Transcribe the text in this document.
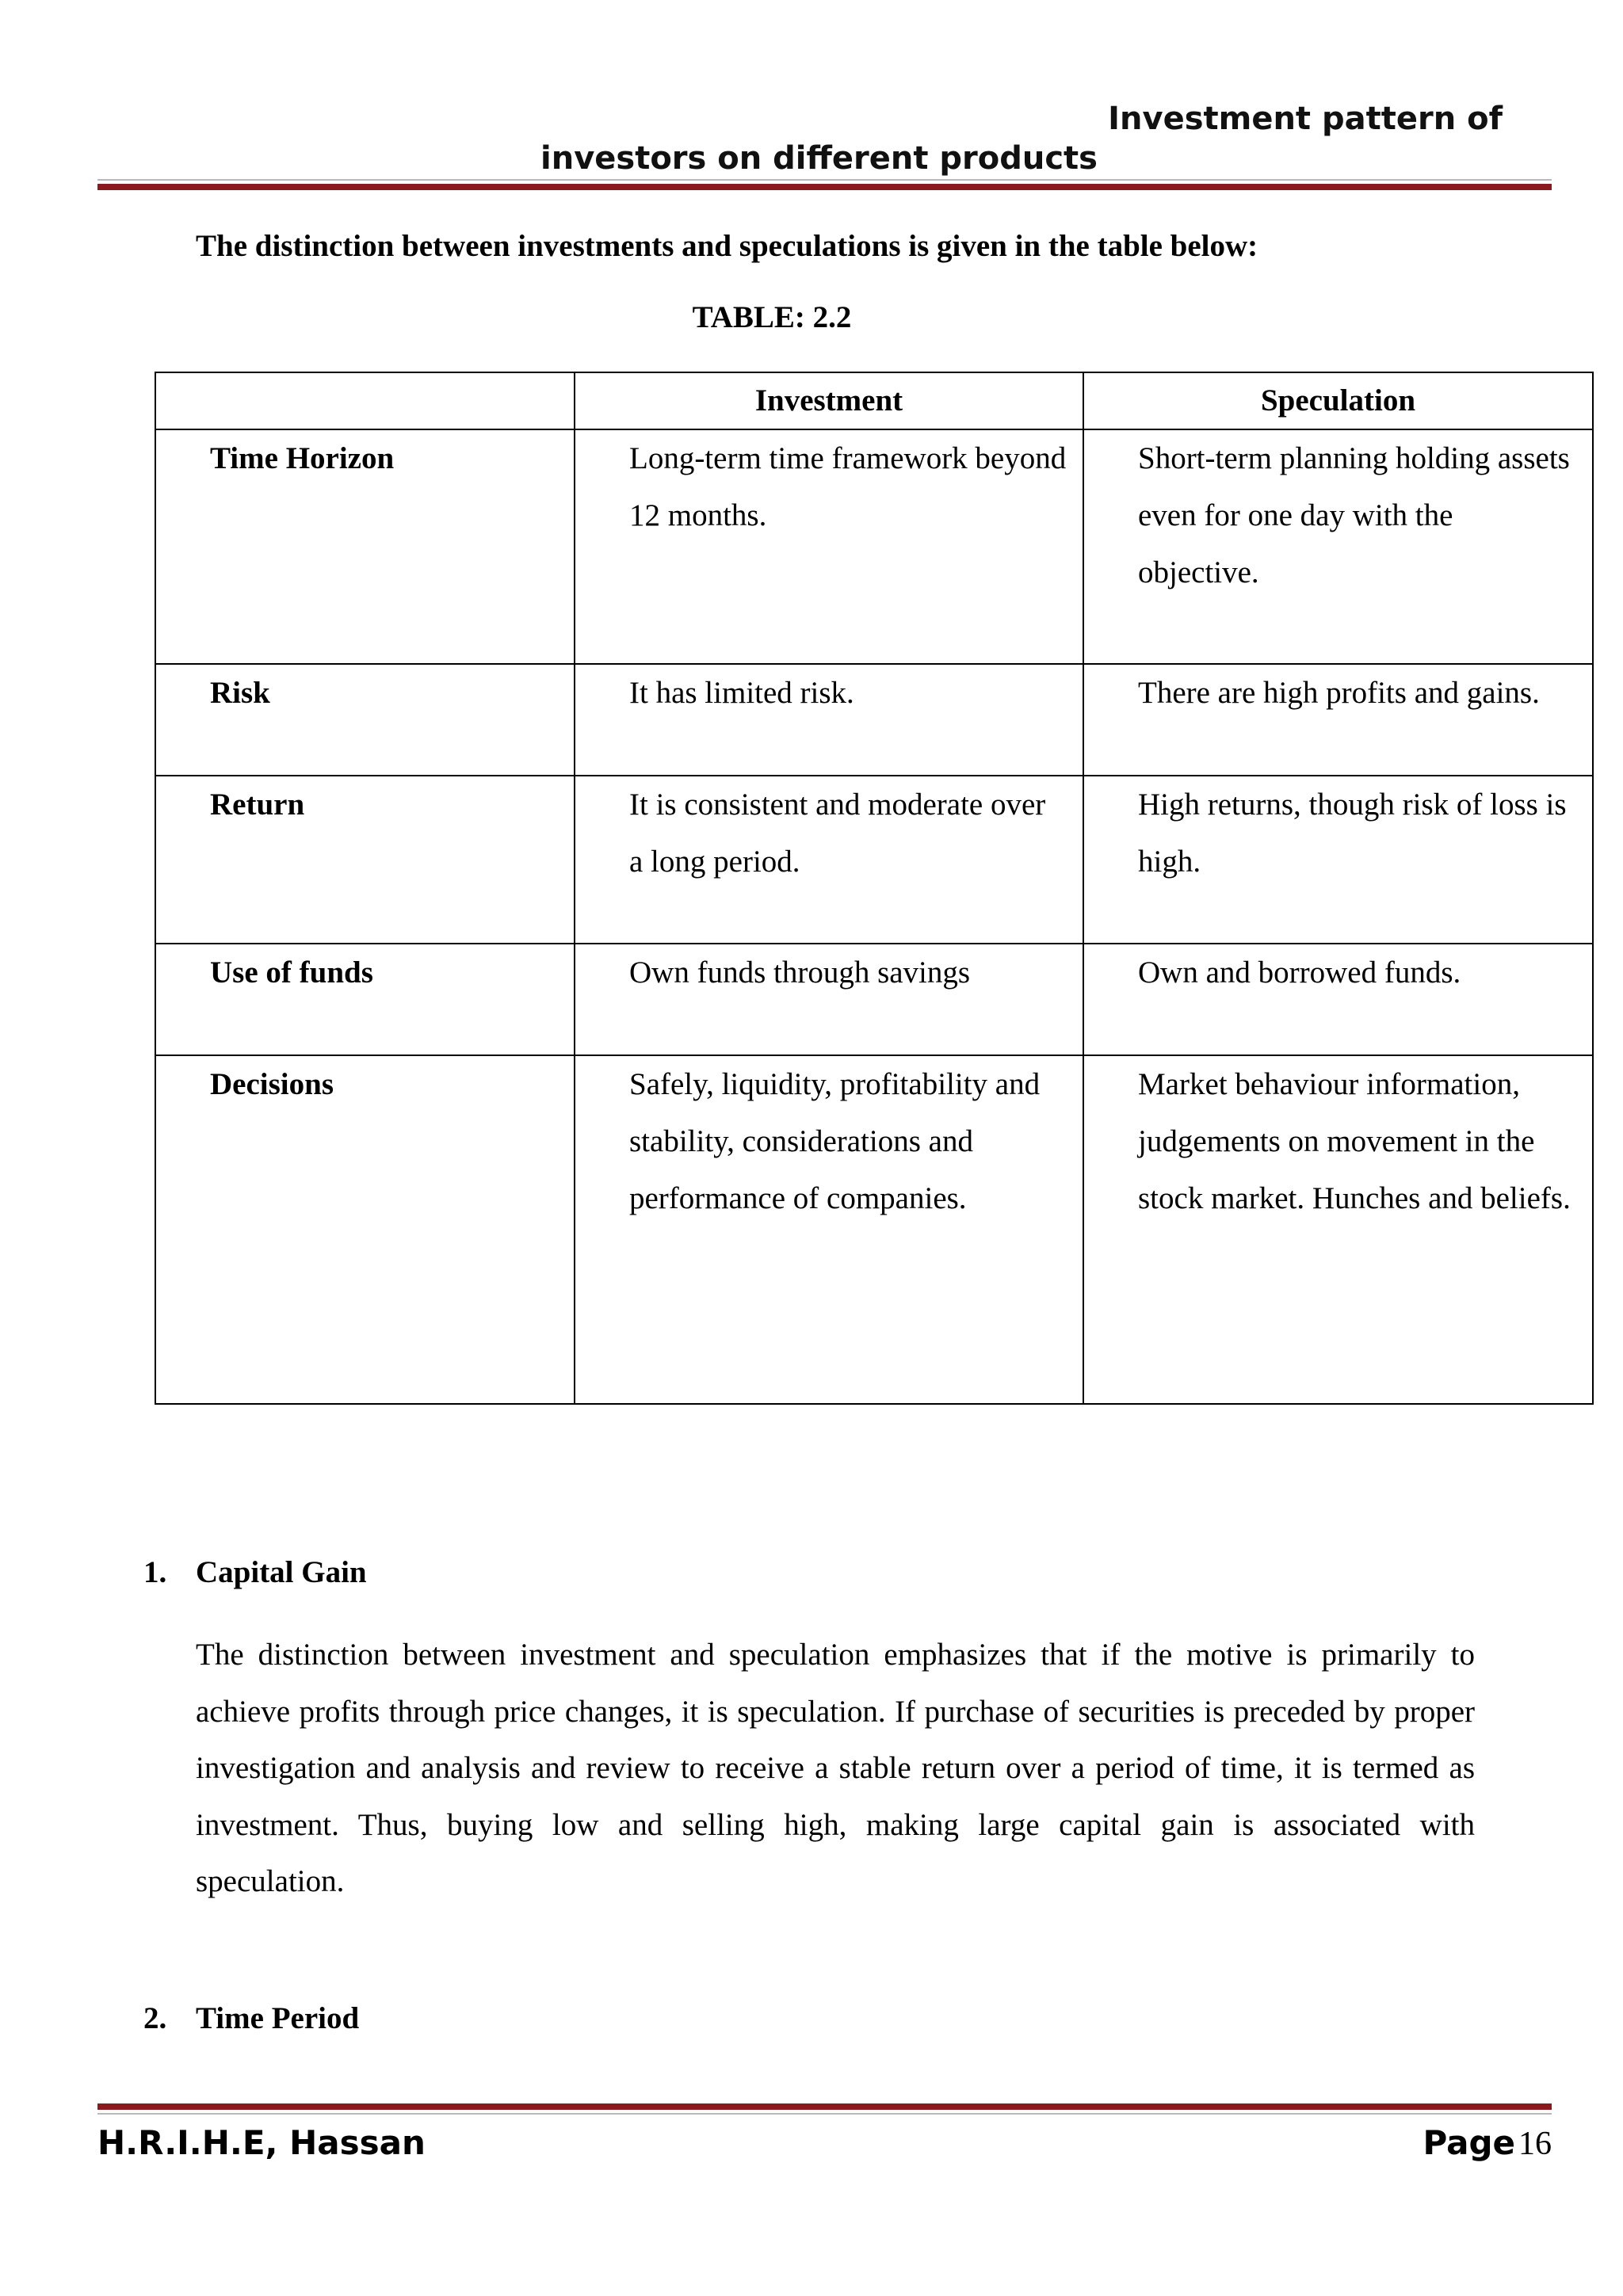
Investment pattern of
investors on different products
The distinction between investments and speculations is given in the table below:
TABLE: 2.2
	Investment	Speculation
Time Horizon	Long-term time framework beyond 12 months.	Short-term planning holding assets even for one day with the objective.

Risk	It has limited risk.	There are high profits and gains.

Return	It is consistent and moderate over a long period.	High returns, though risk of loss is high.

Use of funds	Own funds through savings	Own and borrowed funds.

Decisions	Safely, liquidity, profitability and stability, considerations and performance of companies.	Market behaviour information, judgements on movement in the stock market. Hunches and beliefs.
1. Capital Gain
The distinction between investment and speculation emphasizes that if the motive is primarily to achieve profits through price changes, it is speculation. If purchase of securities is preceded by proper investigation and analysis and review to receive a stable return over a period of time, it is termed as investment. Thus, buying low and selling high, making large capital gain is associated with speculation.
2. Time Period
H.R.I.H.E, Hassan	Page 16
